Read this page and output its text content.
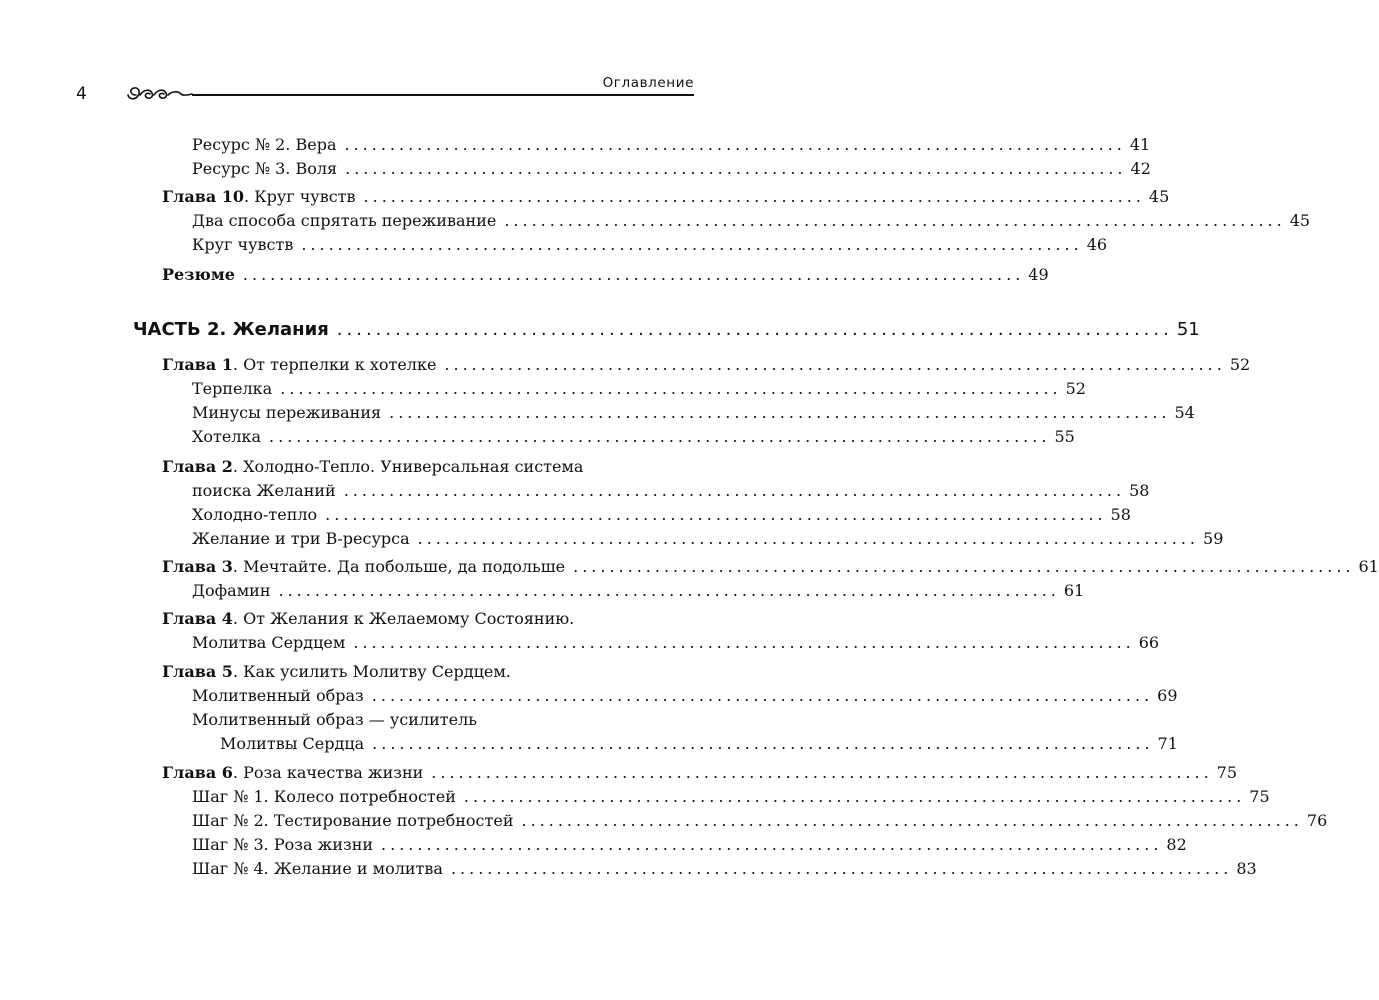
4
Оглавление
Ресурс № 2. Вера ...................................................................................... 41
Ресурс № 3. Воля ...................................................................................... 42
Глава 10. Круг чувств ...................................................................................... 45
Два способа спрятать переживание ...................................................................................... 45
Круг чувств ...................................................................................... 46
Резюме ...................................................................................... 49
ЧАСТЬ 2. Желания ...................................................................................... 51
Глава 1. От терпелки к хотелке ...................................................................................... 52
Терпелка ...................................................................................... 52
Минусы переживания ...................................................................................... 54
Хотелка ...................................................................................... 55
Глава 2. Холодно-Тепло. Универсальная система
поиска Желаний ...................................................................................... 58
Холодно-тепло ...................................................................................... 58
Желание и три В-ресурса ...................................................................................... 59
Глава 3. Мечтайте. Да побольше, да подольше ...................................................................................... 61
Дофамин ...................................................................................... 61
Глава 4. От Желания к Желаемому Состоянию.
Молитва Сердцем ...................................................................................... 66
Глава 5. Как усилить Молитву Сердцем.
Молитвенный образ ...................................................................................... 69
Молитвенный образ — усилитель
Молитвы Сердца ...................................................................................... 71
Глава 6. Роза качества жизни ...................................................................................... 75
Шаг № 1. Колесо потребностей ...................................................................................... 75
Шаг № 2. Тестирование потребностей ...................................................................................... 76
Шаг № 3. Роза жизни ...................................................................................... 82
Шаг № 4. Желание и молитва ...................................................................................... 83
